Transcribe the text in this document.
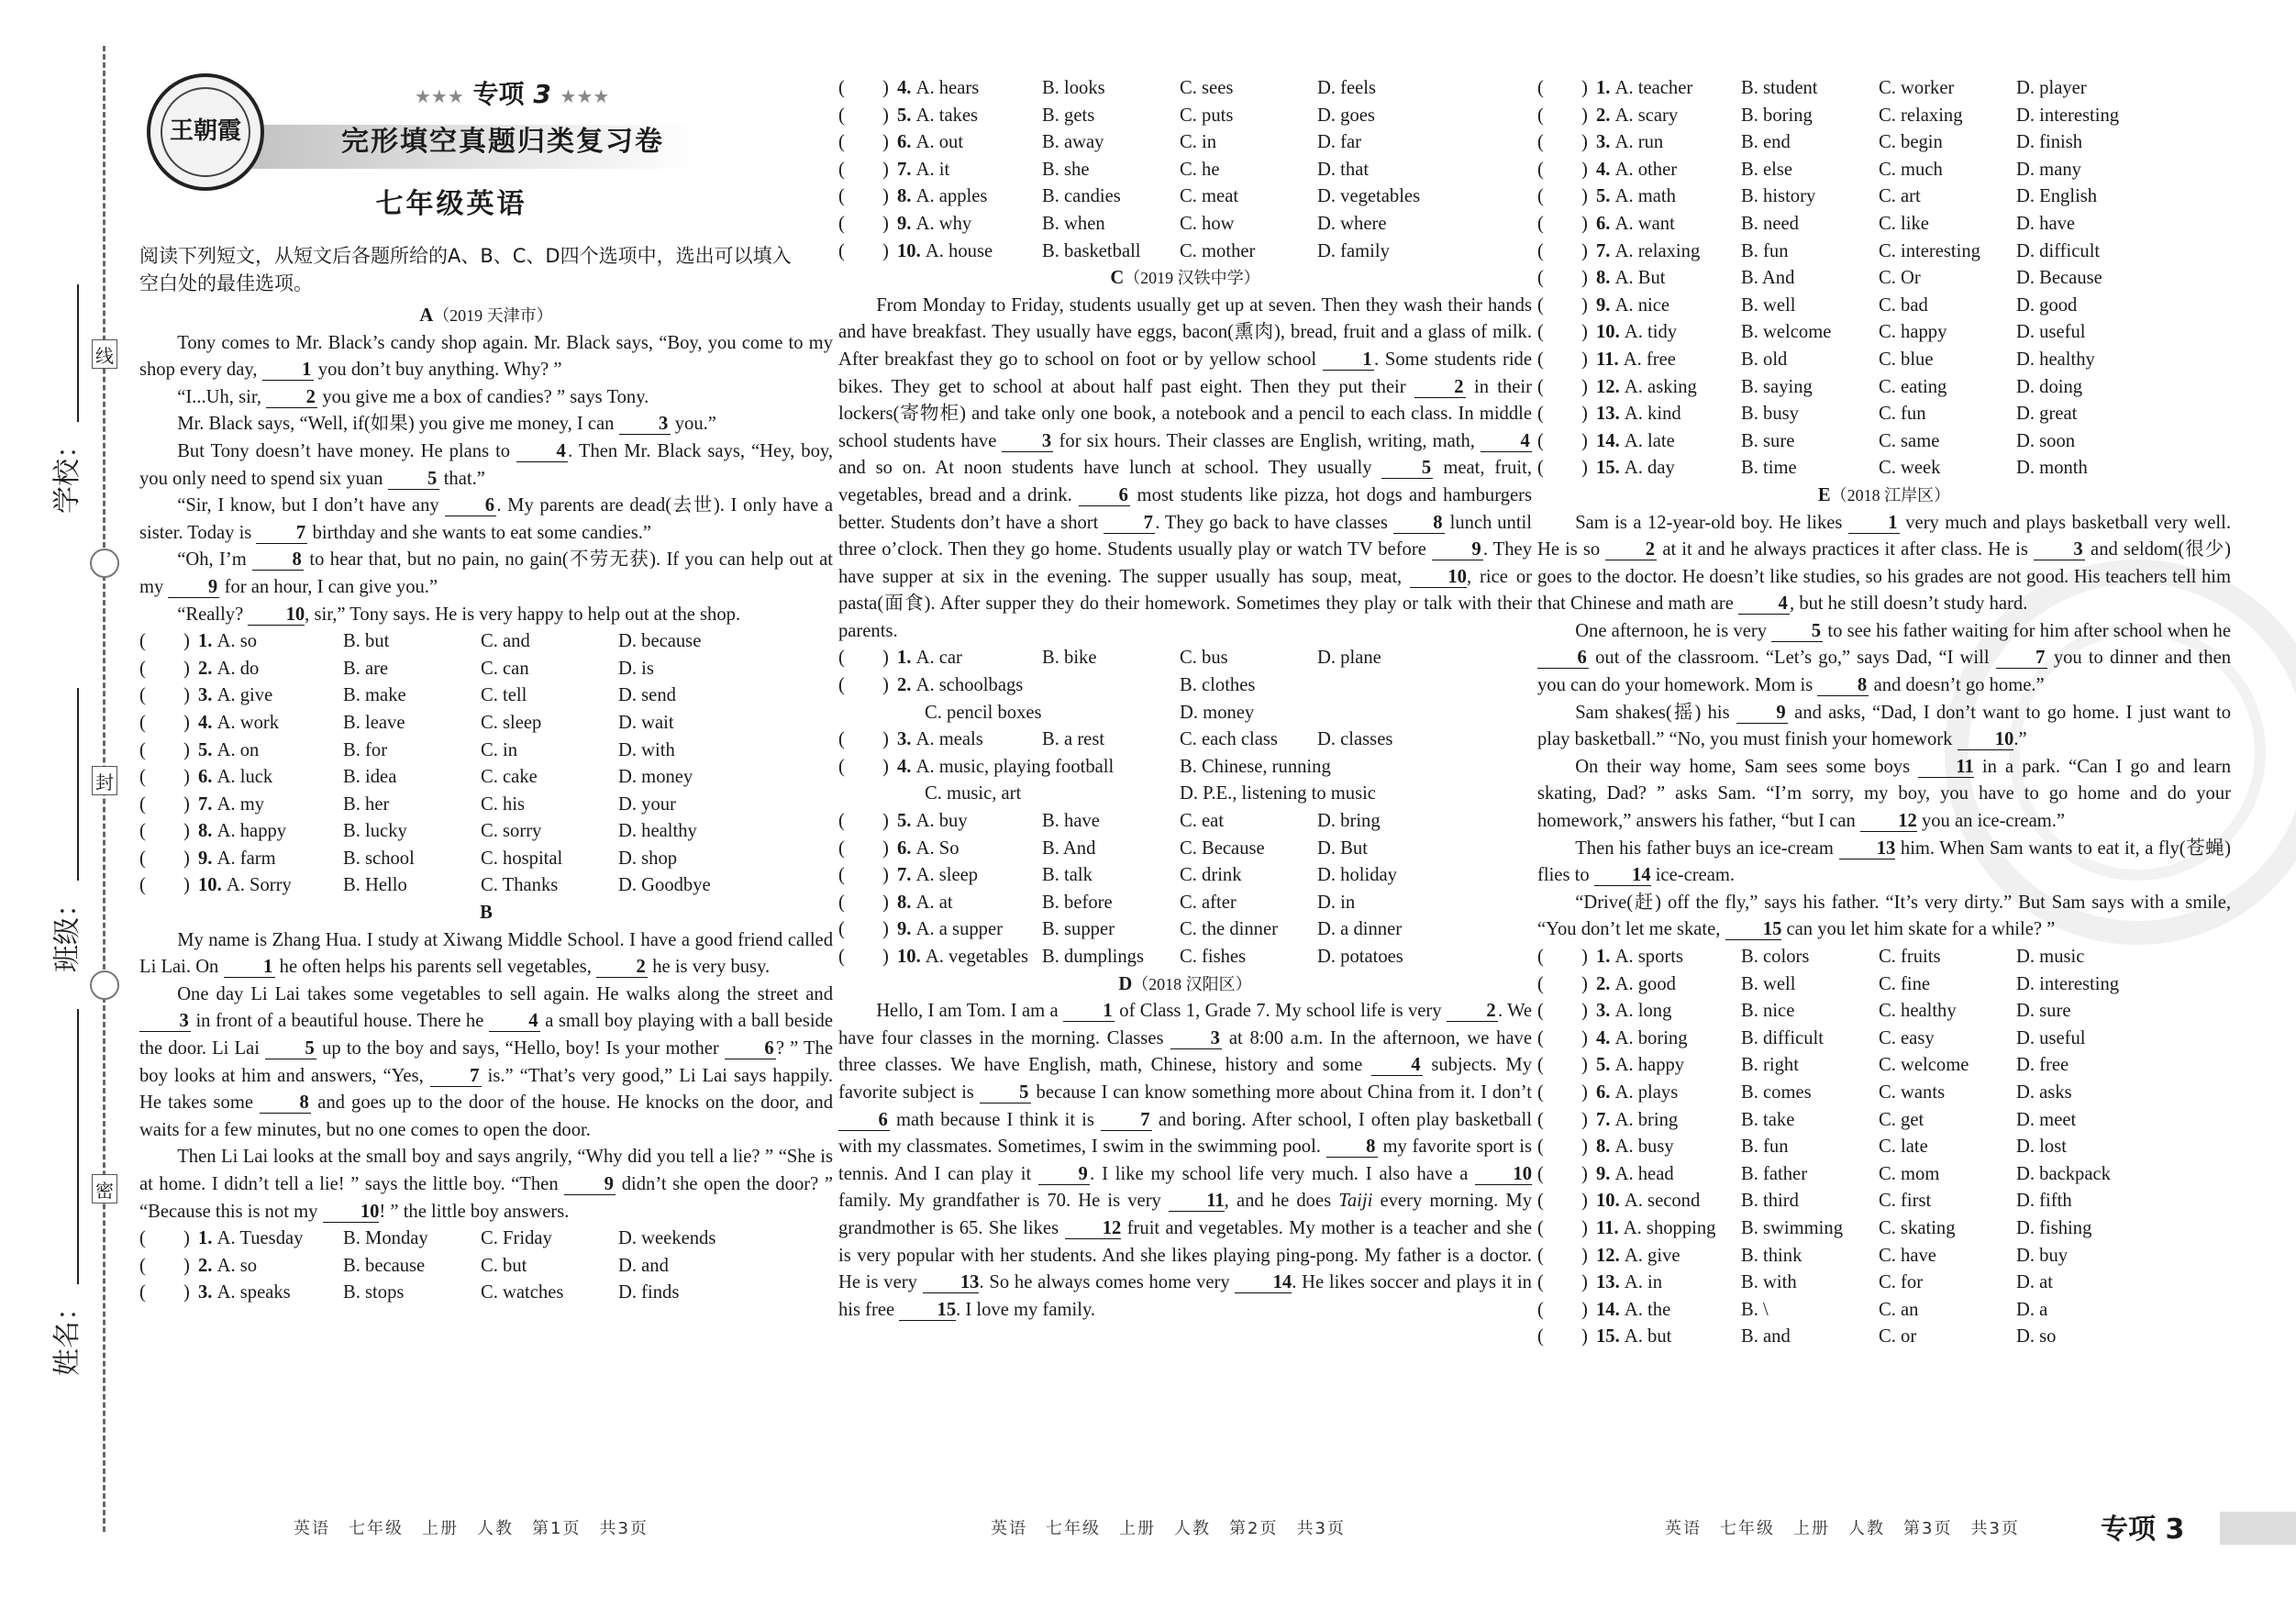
线
封
密
学校：
班级：
姓名：
王朝霞
★★★ 专项 3 ★★★
完形填空真题归类复习卷
七年级英语
阅读下列短文，从短文后各题所给的A、B、C、D四个选项中，选出可以填入空白处的最佳选项。
A（2019 天津市）

Tony comes to Mr. Black’s candy shop again. Mr. Black says, “Boy, you come to my shop every day, 1 you don’t buy anything. Why? ”

“I...Uh, sir, 2 you give me a box of candies? ” says Tony.

Mr. Black says, “Well, if(如果) you give me money, I can 3 you.”

But Tony doesn’t have money. He plans to 4 . Then Mr. Black says, “Hey, boy, you only need to spend six yuan 5 that.”

“Sir, I know, but I don’t have any 6 . My parents are dead(去世). I only have a sister. Today is 7 birthday and she wants to eat some candies.”

“Oh, I’m 8 to hear that, but no pain, no gain(不劳无获). If you can help out at my 9 for an hour, I can give you.”

“Really? 10, sir,” Tony says. He is very happy to help out at the shop.

(  ) 1. A. so	B. but	C. and	D. because
(  ) 2. A. do	B. are	C. can	D. is
(  ) 3. A. give	B. make	C. tell	D. send
(  ) 4. A. work	B. leave	C. sleep	D. wait
(  ) 5. A. on	B. for	C. in	D. with
(  ) 6. A. luck	B. idea	C. cake	D. money
(  ) 7. A. my	B. her	C. his	D. your
(  ) 8. A. happy	B. lucky	C. sorry	D. healthy
(  ) 9. A. farm	B. school	C. hospital	D. shop
(  ) 10. A. Sorry	B. Hello	C. Thanks	D. Goodbye
B

My name is Zhang Hua. I study at Xiwang Middle School. I have a good friend called Li Lai. On 1 he often helps his parents sell vegetables, 2 he is very busy.

One day Li Lai takes some vegetables to sell again. He walks along the street and 3 in front of a beautiful house. There he 4 a small boy playing with a ball beside the door. Li Lai 5 up to the boy and says, “Hello, boy! Is your mother 6 ? ” The boy looks at him and answers, “Yes, 7 is.” “That’s very good,” Li Lai says happily. He takes some 8 and goes up to the door of the house. He knocks on the door, and waits for a few minutes, but no one comes to open the door.

Then Li Lai looks at the small boy and says angrily, “Why did you tell a lie? ” “She is at home. I didn’t tell a lie! ” says the little boy. “Then 9 didn’t she open the door? ” “Because this is not my 10! ” the little boy answers.

(  ) 1. A. Tuesday	B. Monday	C. Friday	D. weekends
(  ) 2. A. so	B. because	C. but	D. and
(  ) 3. A. speaks	B. stops	C. watches	D. finds
(  ) 4. A. hears	B. looks	C. sees	D. feels
(  ) 5. A. takes	B. gets	C. puts	D. goes
(  ) 6. A. out	B. away	C. in	D. far
(  ) 7. A. it	B. she	C. he	D. that
(  ) 8. A. apples	B. candies	C. meat	D. vegetables
(  ) 9. A. why	B. when	C. how	D. where
(  ) 10. A. house	B. basketball	C. mother	D. family
C（2019 汉铁中学）

From Monday to Friday, students usually get up at seven. Then they wash their hands and have breakfast. They usually have eggs, bacon(熏肉), bread, fruit and a glass of milk. After breakfast they go to school on foot or by yellow school 1 . Some students ride bikes. They get to school at about half past eight. Then they put their 2 in their lockers(寄物柜) and take only one book, a notebook and a pencil to each class. In middle school students have 3 for six hours. Their classes are English, writing, math, 4 and so on. At noon students have lunch at school. They usually 5 meat, fruit, vegetables, bread and a drink. 6 most students like pizza, hot dogs and hamburgers better. Students don’t have a short 7 . They go back to have classes 8 lunch until three o’clock. Then they go home. Students usually play or watch TV before 9 . They have supper at six in the evening. The supper usually has soup, meat, 10, rice or pasta(面食). After supper they do their homework. Sometimes they play or talk with their parents.

(  ) 1. A. car	B. bike	C. bus	D. plane
(  ) 2. A. schoolbags	B. clothes
C. pencil boxes	D. money
(  ) 3. A. meals	B. a rest	C. each class	D. classes
(  ) 4. A. music, playing football	B. Chinese, running
C. music, art	D. P.E., listening to music
(  ) 5. A. buy	B. have	C. eat	D. bring
(  ) 6. A. So	B. And	C. Because	D. But
(  ) 7. A. sleep	B. talk	C. drink	D. holiday
(  ) 8. A. at	B. before	C. after	D. in
(  ) 9. A. a supper	B. supper	C. the dinner	D. a dinner
(  ) 10. A. vegetables B. dumplings	C. fishes	D. potatoes
D（2018 汉阳区）

Hello, I am Tom. I am a 1 of Class 1, Grade 7. My school life is very 2 . We have four classes in the morning. Classes 3 at 8:00 a.m. In the afternoon, we have three classes. We have English, math, Chinese, history and some 4 subjects. My favorite subject is 5 because I can know something more about China from it. I don’t 6 math because I think it is 7 and boring. After school, I often play basketball with my classmates. Sometimes, I swim in the swimming pool. 8 my favorite sport is tennis. And I can play it 9 . I like my school life very much. I also have a 10 family. My grandfather is 70. He is very 11, and he does Taiji every morning. My grandmother is 65. She likes 12 fruit and vegetables. My mother is a teacher and she is very popular with her students. And she likes playing ping-pong. My father is a doctor. He is very 13. So he always comes home very 14. He likes soccer and plays it in his free 15. I love my family.

(  ) 1. A. teacher	B. student	C. worker	D. player
(  ) 2. A. scary	B. boring	C. relaxing	D. interesting
(  ) 3. A. run	B. end	C. begin	D. finish
(  ) 4. A. other	B. else	C. much	D. many
(  ) 5. A. math	B. history	C. art	D. English
(  ) 6. A. want	B. need	C. like	D. have
(  ) 7. A. relaxing	B. fun	C. interesting	D. difficult
(  ) 8. A. But	B. And	C. Or	D. Because
(  ) 9. A. nice	B. well	C. bad	D. good
(  ) 10. A. tidy	B. welcome	C. happy	D. useful
(  ) 11. A. free	B. old	C. blue	D. healthy
(  ) 12. A. asking	B. saying	C. eating	D. doing
(  ) 13. A. kind	B. busy	C. fun	D. great
(  ) 14. A. late	B. sure	C. same	D. soon
(  ) 15. A. day	B. time	C. week	D. month
E（2018 江岸区）

Sam is a 12-year-old boy. He likes 1 very much and plays basketball very well. He is so 2 at it and he always practices it after class. He is 3 and seldom(很少) goes to the doctor. He doesn’t like studies, so his grades are not good. His teachers tell him that Chinese and math are 4 , but he still doesn’t study hard.

One afternoon, he is very 5 to see his father waiting for him after school when he 6 out of the classroom. “Let’s go,” says Dad, “I will 7 you to dinner and then you can do your homework. Mom is 8 and doesn’t go home.”

Sam shakes(摇) his 9 and asks, “Dad, I don’t want to go home. I just want to play basketball.” “No, you must finish your homework 10.”

On their way home, Sam sees some boys 11 in a park. “Can I go and learn skating, Dad? ” asks Sam. “I’m sorry, my boy, you have to go home and do your homework,” answers his father, “but I can 12 you an ice-cream.”

Then his father buys an ice-cream 13 him. When Sam wants to eat it, a fly(苍蝇) flies to 14 ice-cream.

“Drive(赶) off the fly,” says his father. “It’s very dirty.” But Sam says with a smile, “You don’t let me skate, 15 can you let him skate for a while? ”

(  ) 1. A. sports	B. colors	C. fruits	D. music
(  ) 2. A. good	B. well	C. fine	D. interesting
(  ) 3. A. long	B. nice	C. healthy	D. sure
(  ) 4. A. boring	B. difficult	C. easy	D. useful
(  ) 5. A. happy	B. right	C. welcome	D. free
(  ) 6. A. plays	B. comes	C. wants	D. asks
(  ) 7. A. bring	B. take	C. get	D. meet
(  ) 8. A. busy	B. fun	C. late	D. lost
(  ) 9. A. head	B. father	C. mom	D. backpack
(  ) 10. A. second	B. third	C. first	D. fifth
(  ) 11. A. shopping	B. swimming	C. skating	D. fishing
(  ) 12. A. give	B. think	C. have	D. buy
(  ) 13. A. in	B. with	C. for	D. at
(  ) 14. A. the	B. \	C. an	D. a
(  ) 15. A. but	B. and	C. or	D. so
英语　七年级　上册　人教　第1页　共3页	英语　七年级　上册　人教　第2页　共3页	英语　七年级　上册　人教　第3页　共3页	专项 3
